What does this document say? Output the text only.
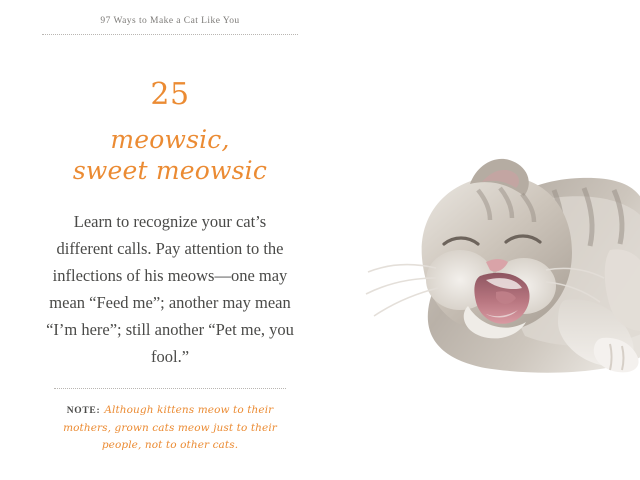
97 Ways to Make a Cat Like You
25
meowsic,
sweet meowsic

Learn to recognize your cat’s different calls. Pay attention to the inflections of his meows—one may mean “Feed me”; another may mean “I’m here”; still another “Pet me, you fool.”

NOTE: Although kittens meow to their mothers, grown cats meow just to their people, not to other cats.
